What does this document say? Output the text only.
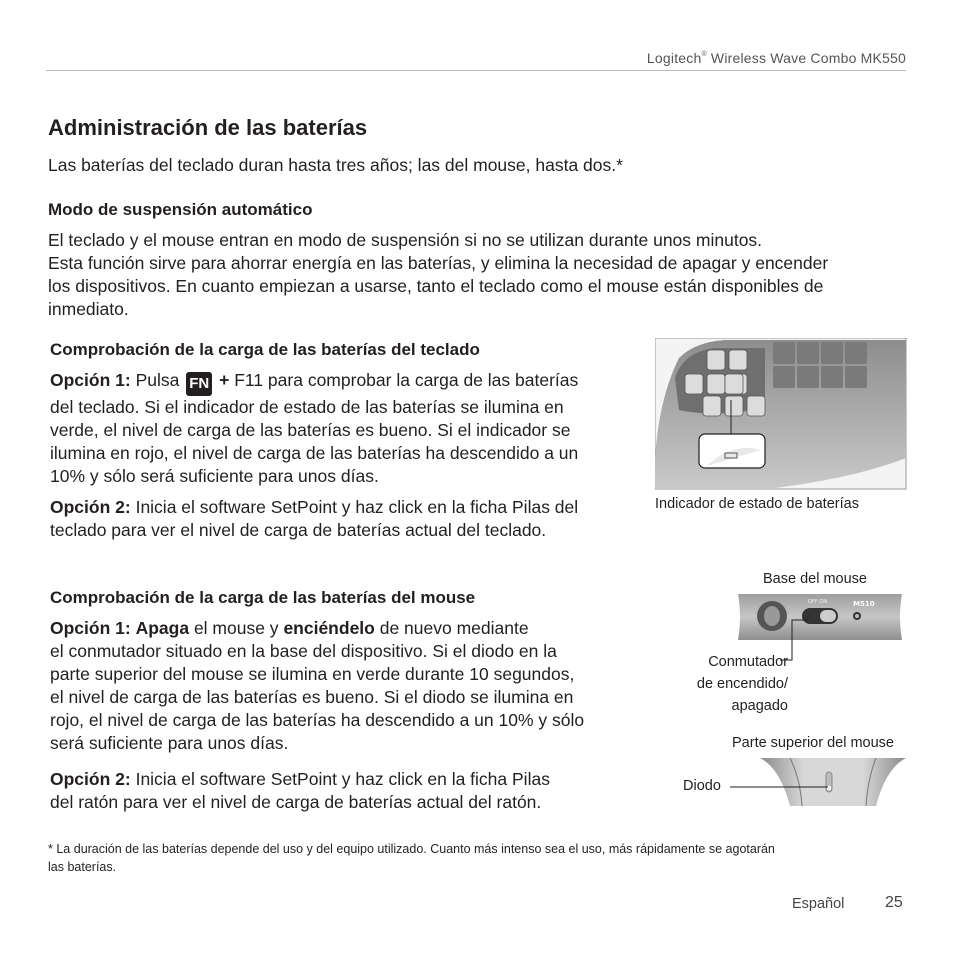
Logitech® Wireless Wave Combo MK550
Administración de las baterías
Las baterías del teclado duran hasta tres años; las del mouse, hasta dos.*
Modo de suspensión automático
El teclado y el mouse entran en modo de suspensión si no se utilizan durante unos minutos.
Esta función sirve para ahorrar energía en las baterías, y elimina la necesidad de apagar y encender
los dispositivos. En cuanto empiezan a usarse, tanto el teclado como el mouse están disponibles de
inmediato.
Comprobación de la carga de las baterías del teclado
Opción 1: Pulsa FN + F11 para comprobar la carga de las baterías
del teclado. Si el indicador de estado de las baterías se ilumina en
verde, el nivel de carga de las baterías es bueno. Si el indicador se
ilumina en rojo, el nivel de carga de las baterías ha descendido a un
10% y sólo será suficiente para unos días.
Opción 2: Inicia el software SetPoint y haz click en la ficha Pilas del
teclado para ver el nivel de carga de baterías actual del teclado.
Indicador de estado de baterías
Comprobación de la carga de las baterías del mouse
Opción 1: Apaga el mouse y enciéndelo de nuevo mediante
el conmutador situado en la base del dispositivo. Si el diodo en la
parte superior del mouse se ilumina en verde durante 10 segundos,
el nivel de carga de las baterías es bueno. Si el diodo se ilumina en
rojo, el nivel de carga de las baterías ha descendido a un 10% y sólo
será suficiente para unos días.
Opción 2: Inicia el software SetPoint y haz click en la ficha Pilas
del ratón para ver el nivel de carga de baterías actual del ratón.
Base del mouse
OFF ON	M510
Conmutador
de encendido/
apagado
Parte superior del mouse
Diodo
* La duración de las baterías depende del uso y del equipo utilizado. Cuanto más intenso sea el uso, más rápidamente se agotarán
las baterías.
Español	25
